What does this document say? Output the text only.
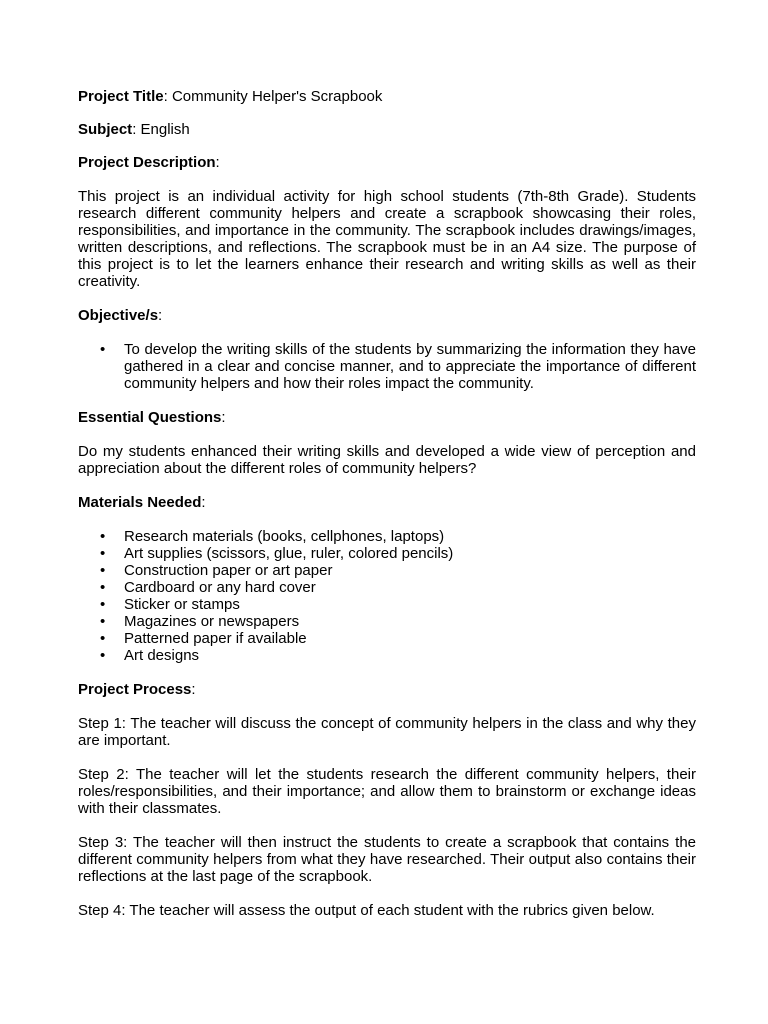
Project Title: Community Helper's Scrapbook

Subject: English

Project Description:

This project is an individual activity for high school students (7th-8th Grade). Students research different community helpers and create a scrapbook showcasing their roles, responsibilities, and importance in the community. The scrapbook includes drawings/images, written descriptions, and reflections. The scrapbook must be in an A4 size. The purpose of this project is to let the learners enhance their research and writing skills as well as their creativity.

Objective/s:

• To develop the writing skills of the students by summarizing the information they have gathered in a clear and concise manner, and to appreciate the importance of different community helpers and how their roles impact the community.

Essential Questions:

Do my students enhanced their writing skills and developed a wide view of perception and appreciation about the different roles of community helpers?

Materials Needed:

• Research materials (books, cellphones, laptops)
• Art supplies (scissors, glue, ruler, colored pencils)
• Construction paper or art paper
• Cardboard or any hard cover
• Sticker or stamps
• Magazines or newspapers
• Patterned paper if available
• Art designs

Project Process:

Step 1: The teacher will discuss the concept of community helpers in the class and why they are important.

Step 2: The teacher will let the students research the different community helpers, their roles/responsibilities, and their importance; and allow them to brainstorm or exchange ideas with their classmates.

Step 3: The teacher will then instruct the students to create a scrapbook that contains the different community helpers from what they have researched. Their output also contains their reflections at the last page of the scrapbook.

Step 4: The teacher will assess the output of each student with the rubrics given below.
